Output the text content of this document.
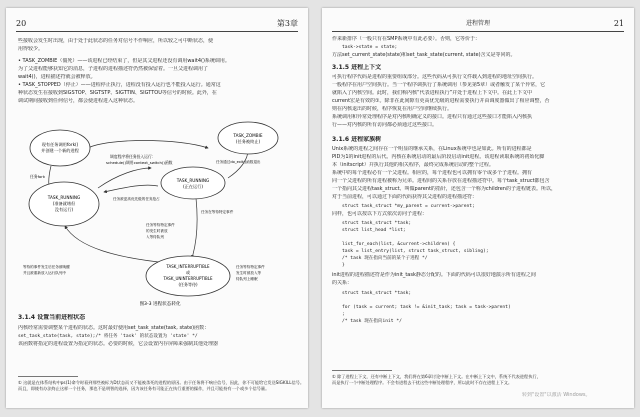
20	第3章
些接收会发生时出现，由于处于此状态的任务对信号不作响应，所以较之可中断状态，使
用得较少。
• TASK_ZOMBIE（僵死）——该进程已经结束了，但是其父进程还没有调用wait4()系统调用。
为了父进程能够获知它的消息，子进程的进程描述符仍然被保留着。一旦父进程调用了
wait4()，进程描述符就会被释放。
• TASK_STOPPED（停止）——进程停止执行，进程没有投入运行也不能投入运行。通常这
种状态发生在接收到SIGSTOP、SIGTSTP、SIGTTIN、SIGTTOU等信号的时候。此外，在
调试期间接收到任何信号，都会使进程进入这种状态。
现有任务调用fork()
并创建一个新的进程
TASK_ZOMBIE
(任务被终止)
TASK_RUNNING
(准备就绪但
没有运行)
TASK_RUNNING
(正在运行)
TASK_INTERRUPTIBLE
或
TASK_UNINTERRUPTIBLE
(任务等待)
调度程序将任务投入运行：
schedule()调用context_switch()函数
任务被更高优先级的任务抢占
任务fork
任务通过do_exit()函数退出
任务在等待特定事件
任务等待特定事件
的发生时被放
入等待队列
等待的事件发生后任务被唤醒
并且被重新放入运行队列中
任务等待特定事件
发生时被放入等
待队列上睡眠
图3-3 进程状态转化
3.1.4 设置当前进程状态
内核经常需要调整某个进程的状态。这时最好使用set_task_state(task, state)函数：
set_task_state(task, state);/* 将任务 'task' 的状态设置为 'state' */
该函数将指定的进程设置为指定的状态。必要的时候，它会设置内存屏障来强制其他处理器
① 这就是在体系结构中ps(1)命令时看到那些被标为D状态而又不能被杀死的进程的原因。由于任务将不响应信号，因此，你不可能给它发送SIGKILL信号。
而且，即使有办法终止这样一个任务，那也不是明智的选择，因为该任务有可能正在执行重要的操作，并且可能持有一个或多个信号量。
进程管理	21
作来新排序（一般只有在SMP系统中有此必要）。否则，它等价于：
task->state = state;
方法set_current_state(state)和set_task_state(current, state)含义是等同的。
3.1.5 进程上下文
可执行程序代码是进程的重要组成部分。这些代码从可执行文件载入到进程的地址空间执行。
一般程序在用户空间执行。当一个程序调执行了系统调用（参见第5章）或者触发了某个异常，它
就陷入了内核空间。此时，我们称内核“代表进程执行”并处于进程上下文中。在此上下文中
current宏是有效的①。除非在此间隙有更高优先级的进程需要执行并由调度器做出了相应调整，否
则在内核退出的时候，程序恢复在用户空间继续执行。
系统调用和异常处理程序是对内核明确定义的接口。进程只有通过这些接口才能陷入内核执
行——对内核的所有访问都必须通过这些接口。
3.1.6 进程家族树
Unix系统的进程之间存在一个明显的继承关系，在Linux系统中也是如此。所有的进程都是
PID为1的init进程的后代。内核在系统启动的最后阶段启动init进程。该进程读取系统的初始化脚
本（initscript）并执行其他的相关程序，最终完成系统启动的整个过程。
系统中的每个进程必有一个父进程。相应的，每个进程也可以拥有零个或多个子进程。拥有
同一个父进程的所有进程被称为兄弟。进程间的关系存放在进程描述符中。每个task_struct都包含
一个指向其父进程task_struct、叫做parent的指针，还包含一个称为children的子进程链表。所以，
对于当前进程，可以通过下面的代码获得其父进程的进程描述符：
struct task_struct *my_parent = current->parent;
同样，也可以按以下方式依次访问子进程：
struct task_struct *task;
struct list_head *list;
list_for_each(list, &current->children) {
task = list_entry(list, struct task_struct, sibling);
/* task 现在指向当前的某个子进程 */
}
init进程的进程描述符是作为init_task静态分配的。下面的代码可以很好地演示所有进程之间
的关系：
struct task_struct *task;
for (task = current; task != &init_task; task = task->parent)
;
/* task 现在指向init */
① 除了进程上下文，还有中断上下文，我们将在第6章讨论中断上下文。在中断上下文中，系统不代表进程执行，
而是执行一个中断处理程序。不会有进程去干扰这些中断处理程序，所以此时不存在进程上下文。
转到"设置"以激活 Windows。
